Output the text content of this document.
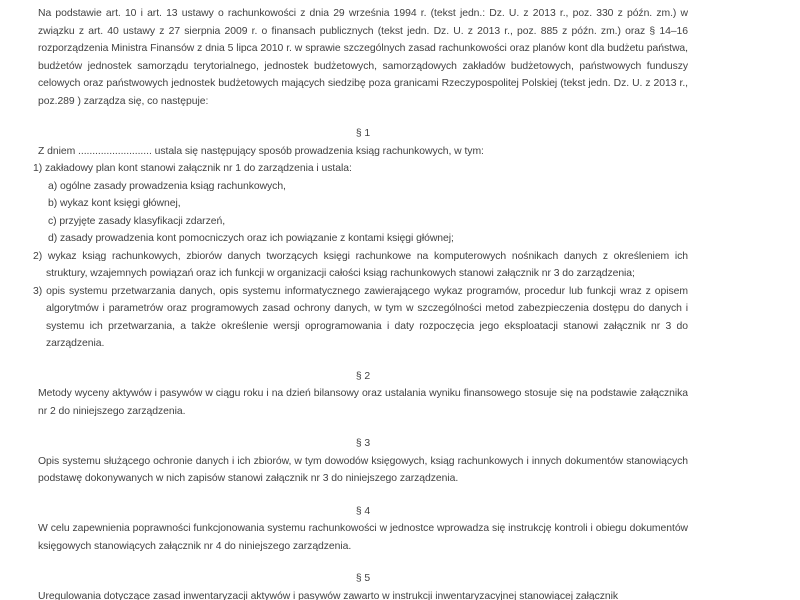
Na podstawie art. 10 i art. 13 ustawy o rachunkowości z dnia 29 września 1994 r. (tekst jedn.: Dz. U. z 2013 r., poz. 330 z późn. zm.) w związku z art. 40 ustawy z 27 sierpnia 2009 r. o finansach publicznych (tekst jedn. Dz. U. z 2013 r., poz. 885 z późn. zm.) oraz § 14–16 rozporządzenia Ministra Finansów z dnia 5 lipca 2010 r. w sprawie szczególnych zasad rachunkowości oraz planów kont dla budżetu państwa, budżetów jednostek samorządu terytorialnego, jednostek budżetowych, samorządowych zakładów budżetowych, państwowych funduszy celowych oraz państwowych jednostek budżetowych mających siedzibę poza granicami Rzeczypospolitej Polskiej (tekst jedn. Dz. U. z 2013 r., poz.289 ) zarządza się, co następuje:

§ 1

Z dniem .......................... ustala się następujący sposób prowadzenia ksiąg rachunkowych, w tym:

1) zakładowy plan kont stanowi załącznik nr 1 do zarządzenia i ustala:
a) ogólne zasady prowadzenia ksiąg rachunkowych,
b) wykaz kont księgi głównej,
c) przyjęte zasady klasyfikacji zdarzeń,
d) zasady prowadzenia kont pomocniczych oraz ich powiązanie z kontami księgi głównej;
2) wykaz ksiąg rachunkowych, zbiorów danych tworzących księgi rachunkowe na komputerowych nośnikach danych z określeniem ich struktury, wzajemnych powiązań oraz ich funkcji w organizacji całości ksiąg rachunkowych stanowi załącznik nr 3 do zarządzenia;
3) opis systemu przetwarzania danych, opis systemu informatycznego zawierającego wykaz programów, procedur lub funkcji wraz z opisem algorytmów i parametrów oraz programowych zasad ochrony danych, w tym w szczególności metod zabezpieczenia dostępu do danych i systemu ich przetwarzania, a także określenie wersji oprogramowania i daty rozpoczęcia jego eksploatacji stanowi załącznik nr 3 do zarządzenia.
§ 2

Metody wyceny aktywów i pasywów w ciągu roku i na dzień bilansowy oraz ustalania wyniku finansowego stosuje się na podstawie załącznika nr 2 do niniejszego zarządzenia.

§ 3

Opis systemu służącego ochronie danych i ich zbiorów, w tym dowodów księgowych, ksiąg rachunkowych i innych dokumentów stanowiących podstawę dokonywanych w nich zapisów stanowi załącznik nr 3 do niniejszego zarządzenia.

§ 4

W celu zapewnienia poprawności funkcjonowania systemu rachunkowości w jednostce wprowadza się instrukcję kontroli i obiegu dokumentów księgowych stanowiących załącznik nr 4 do niniejszego zarządzenia.

§ 5

Uregulowania dotyczące zasad inwentaryzacji aktywów i pasywów zawarto w instrukcji inwentaryzacyjnej stanowiącej załącznik
